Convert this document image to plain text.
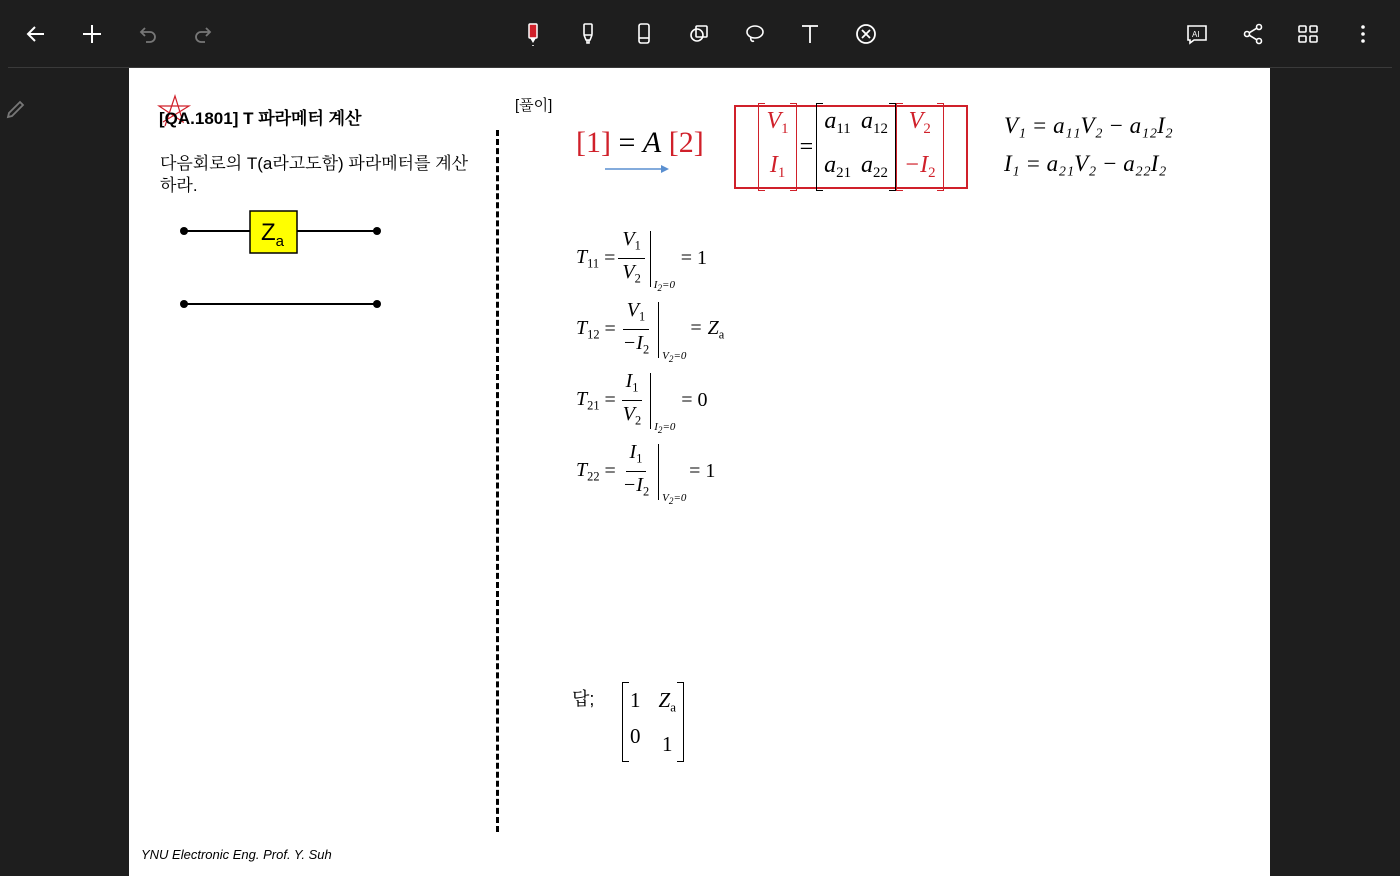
AI
[QA.1801] T 파라메터 계산
다음회로의 T(a라고도함) 파라메터를 계산하라.
$Z_a$
[풀이]
[1] = A [2]
$V_1$
$I_1$
=
$a_{11}$
$a_{21}$
$a_{12}$
$a_{22}$
$V_2$
$-I_2$
V₁ = a₁₁V₂ − a₁₂I₂
I₁ = a₂₁V₂ − a₂₂I₂
$T_{11} = \frac{V_1}{V_2} I_2=0$
= 1
$T_{12} = \frac{V_1}{-I_2} V_2=0$
= $Z_a$
$T_{21} = \frac{I_1}{V_2} I_2=0$
= 0
$T_{22} = \frac{I_1}{-I_2} V_2=0$
= 1
답; 1
0
$Z_a$
1
YNU Electronic Eng. Prof. Y. Suh
